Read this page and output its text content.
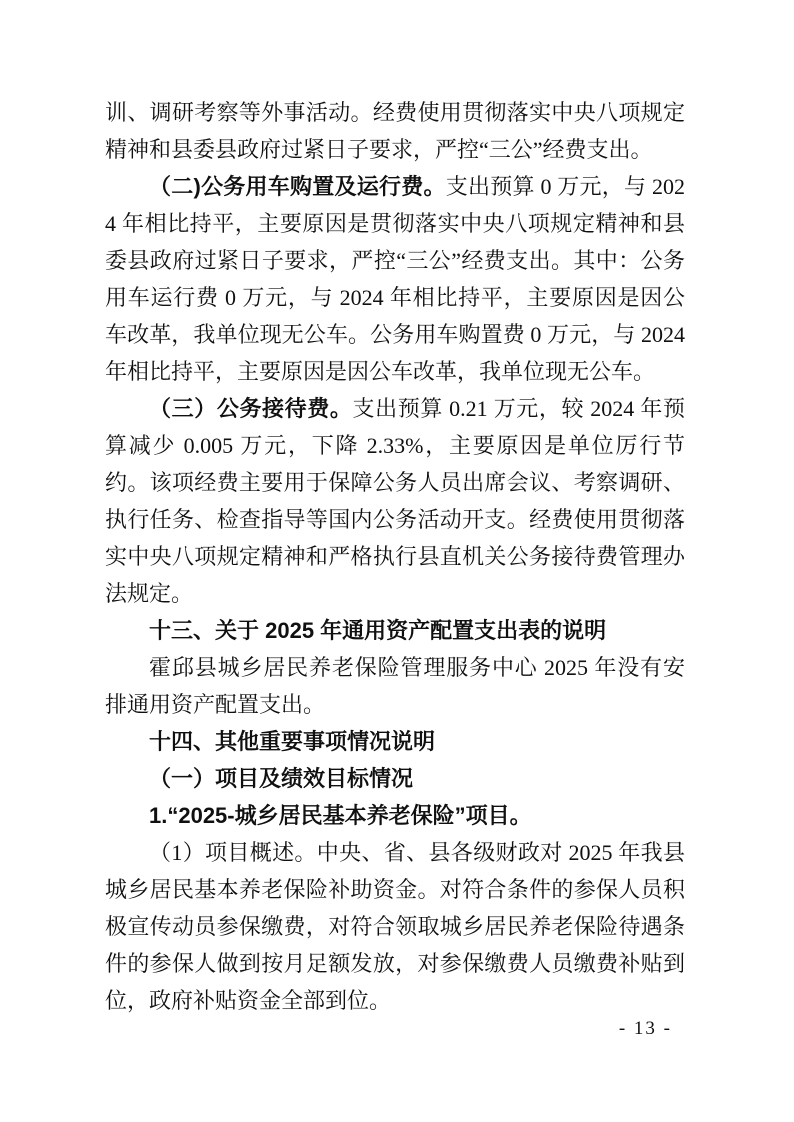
训、调研考察等外事活动。经费使用贯彻落实中央八项规定精神和县委县政府过紧日子要求，严控“三公”经费支出。

（二)公务用车购置及运行费。支出预算 0 万元，与 2024 年相比持平，主要原因是贯彻落实中央八项规定精神和县委县政府过紧日子要求，严控“三公”经费支出。其中：公务用车运行费 0 万元，与 2024 年相比持平，主要原因是因公车改革，我单位现无公车。公务用车购置费 0 万元，与 2024 年相比持平，主要原因是因公车改革，我单位现无公车。

（三）公务接待费。支出预算 0.21 万元，较 2024 年预算减少 0.005 万元，下降 2.33%，主要原因是单位厉行节约。该项经费主要用于保障公务人员出席会议、考察调研、执行任务、检查指导等国内公务活动开支。经费使用贯彻落实中央八项规定精神和严格执行县直机关公务接待费管理办法规定。

十三、关于 2025 年通用资产配置支出表的说明

霍邱县城乡居民养老保险管理服务中心 2025 年没有安排通用资产配置支出。

十四、其他重要事项情况说明

（一）项目及绩效目标情况

1.“2025-城乡居民基本养老保险”项目。

（1）项目概述。中央、省、县各级财政对 2025 年我县城乡居民基本养老保险补助资金。对符合条件的参保人员积极宣传动员参保缴费，对符合领取城乡居民养老保险待遇条件的参保人做到按月足额发放，对参保缴费人员缴费补贴到位，政府补贴资金全部到位。

- 13 -
